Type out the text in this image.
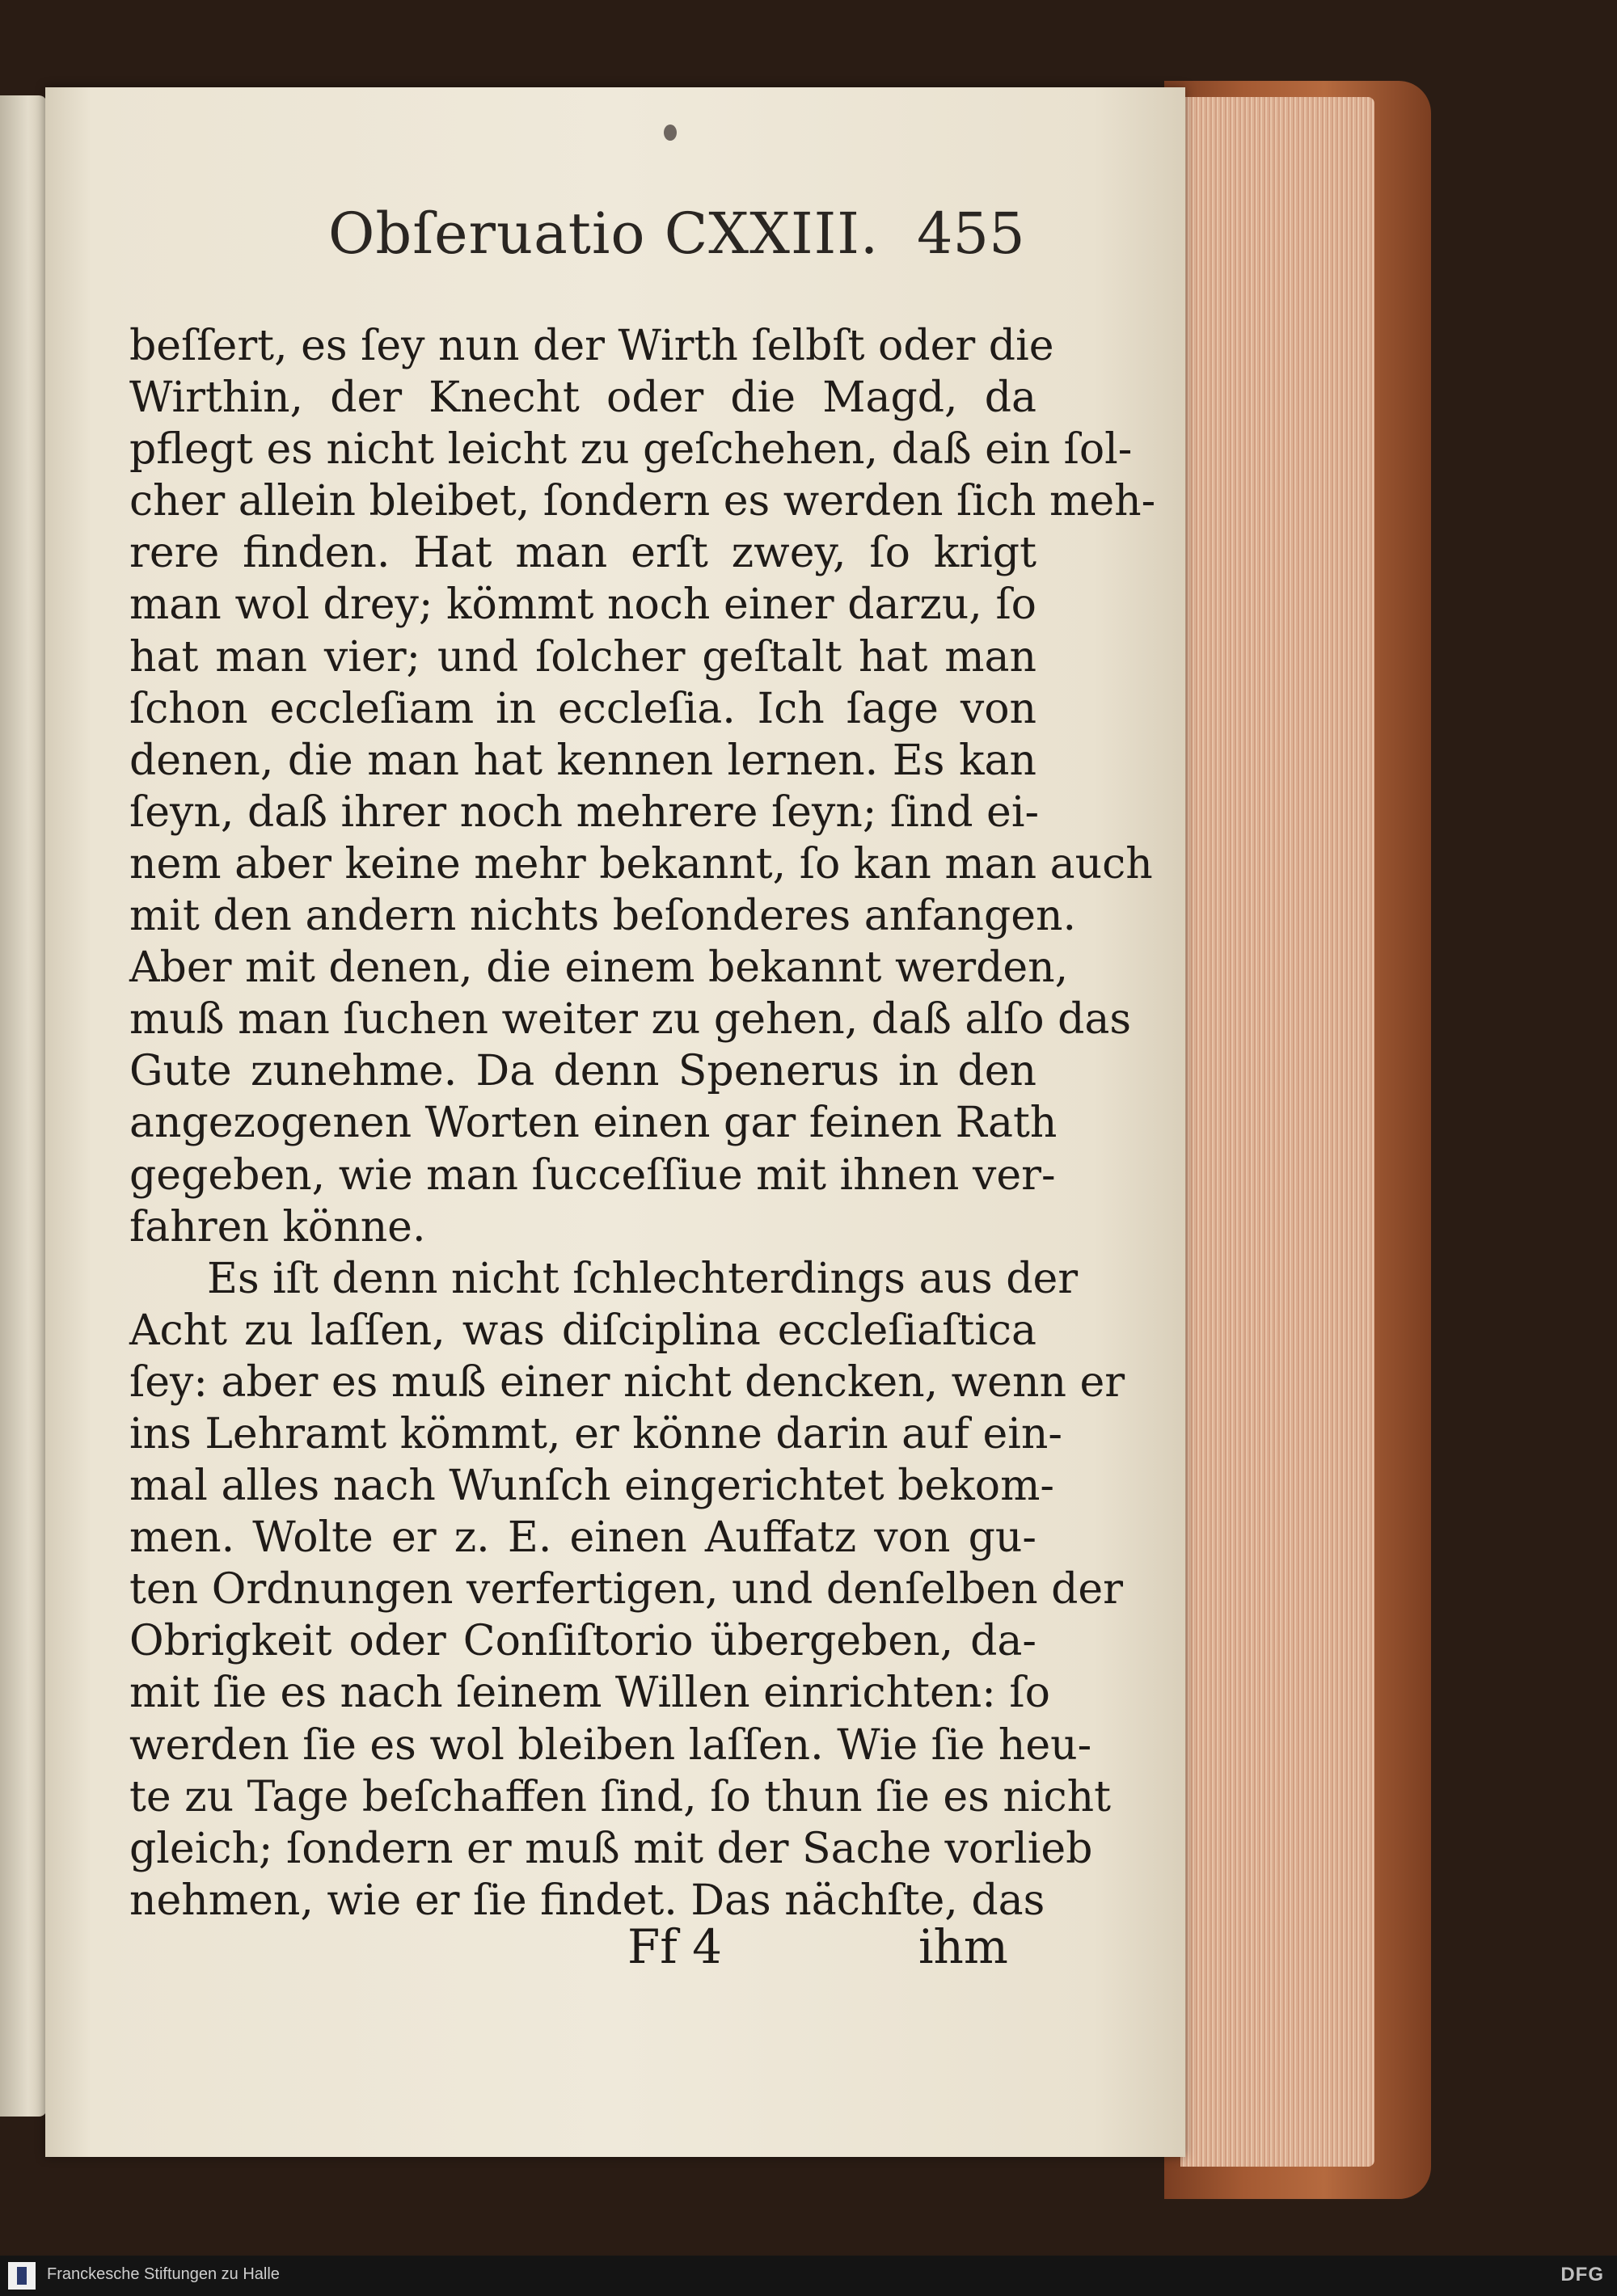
Obſeruatio CXXIII. 455
beſſert, es ſey nun der Wirth ſelbſt oder die
Wirthin, der Knecht oder die Magd, da
pflegt es nicht leicht zu geſchehen, daß ein ſol-
cher allein bleibet, ſondern es werden ſich meh-
rere finden. Hat man erſt zwey, ſo krigt
man wol drey; kömmt noch einer darzu, ſo
hat man vier; und ſolcher geſtalt hat man
ſchon eccleſiam in eccleſia. Ich ſage von
denen, die man hat kennen lernen. Es kan
ſeyn, daß ihrer noch mehrere ſeyn; ſind ei-
nem aber keine mehr bekannt, ſo kan man auch
mit den andern nichts beſonderes anfangen.
Aber mit denen, die einem bekannt werden,
muß man ſuchen weiter zu gehen, daß alſo das
Gute zunehme. Da denn Spenerus in den
angezogenen Worten einen gar feinen Rath
gegeben, wie man ſucceſſiue mit ihnen ver-
fahren könne.
Es iſt denn nicht ſchlechterdings aus der
Acht zu laſſen, was diſciplina eccleſiaſtica
ſey: aber es muß einer nicht dencken, wenn er
ins Lehramt kömmt, er könne darin auf ein-
mal alles nach Wunſch eingerichtet bekom-
men. Wolte er z. E. einen Auffatz von gu-
ten Ordnungen verfertigen, und denſelben der
Obrigkeit oder Conſiſtorio übergeben, da-
mit ſie es nach ſeinem Willen einrichten: ſo
werden ſie es wol bleiben laſſen. Wie ſie heu-
te zu Tage beſchaffen ſind, ſo thun ſie es nicht
gleich; ſondern er muß mit der Sache vorlieb
nehmen, wie er ſie findet. Das nächſte, das
Ff 4	ihm
Franckesche Stiftungen zu Halle	DFG
